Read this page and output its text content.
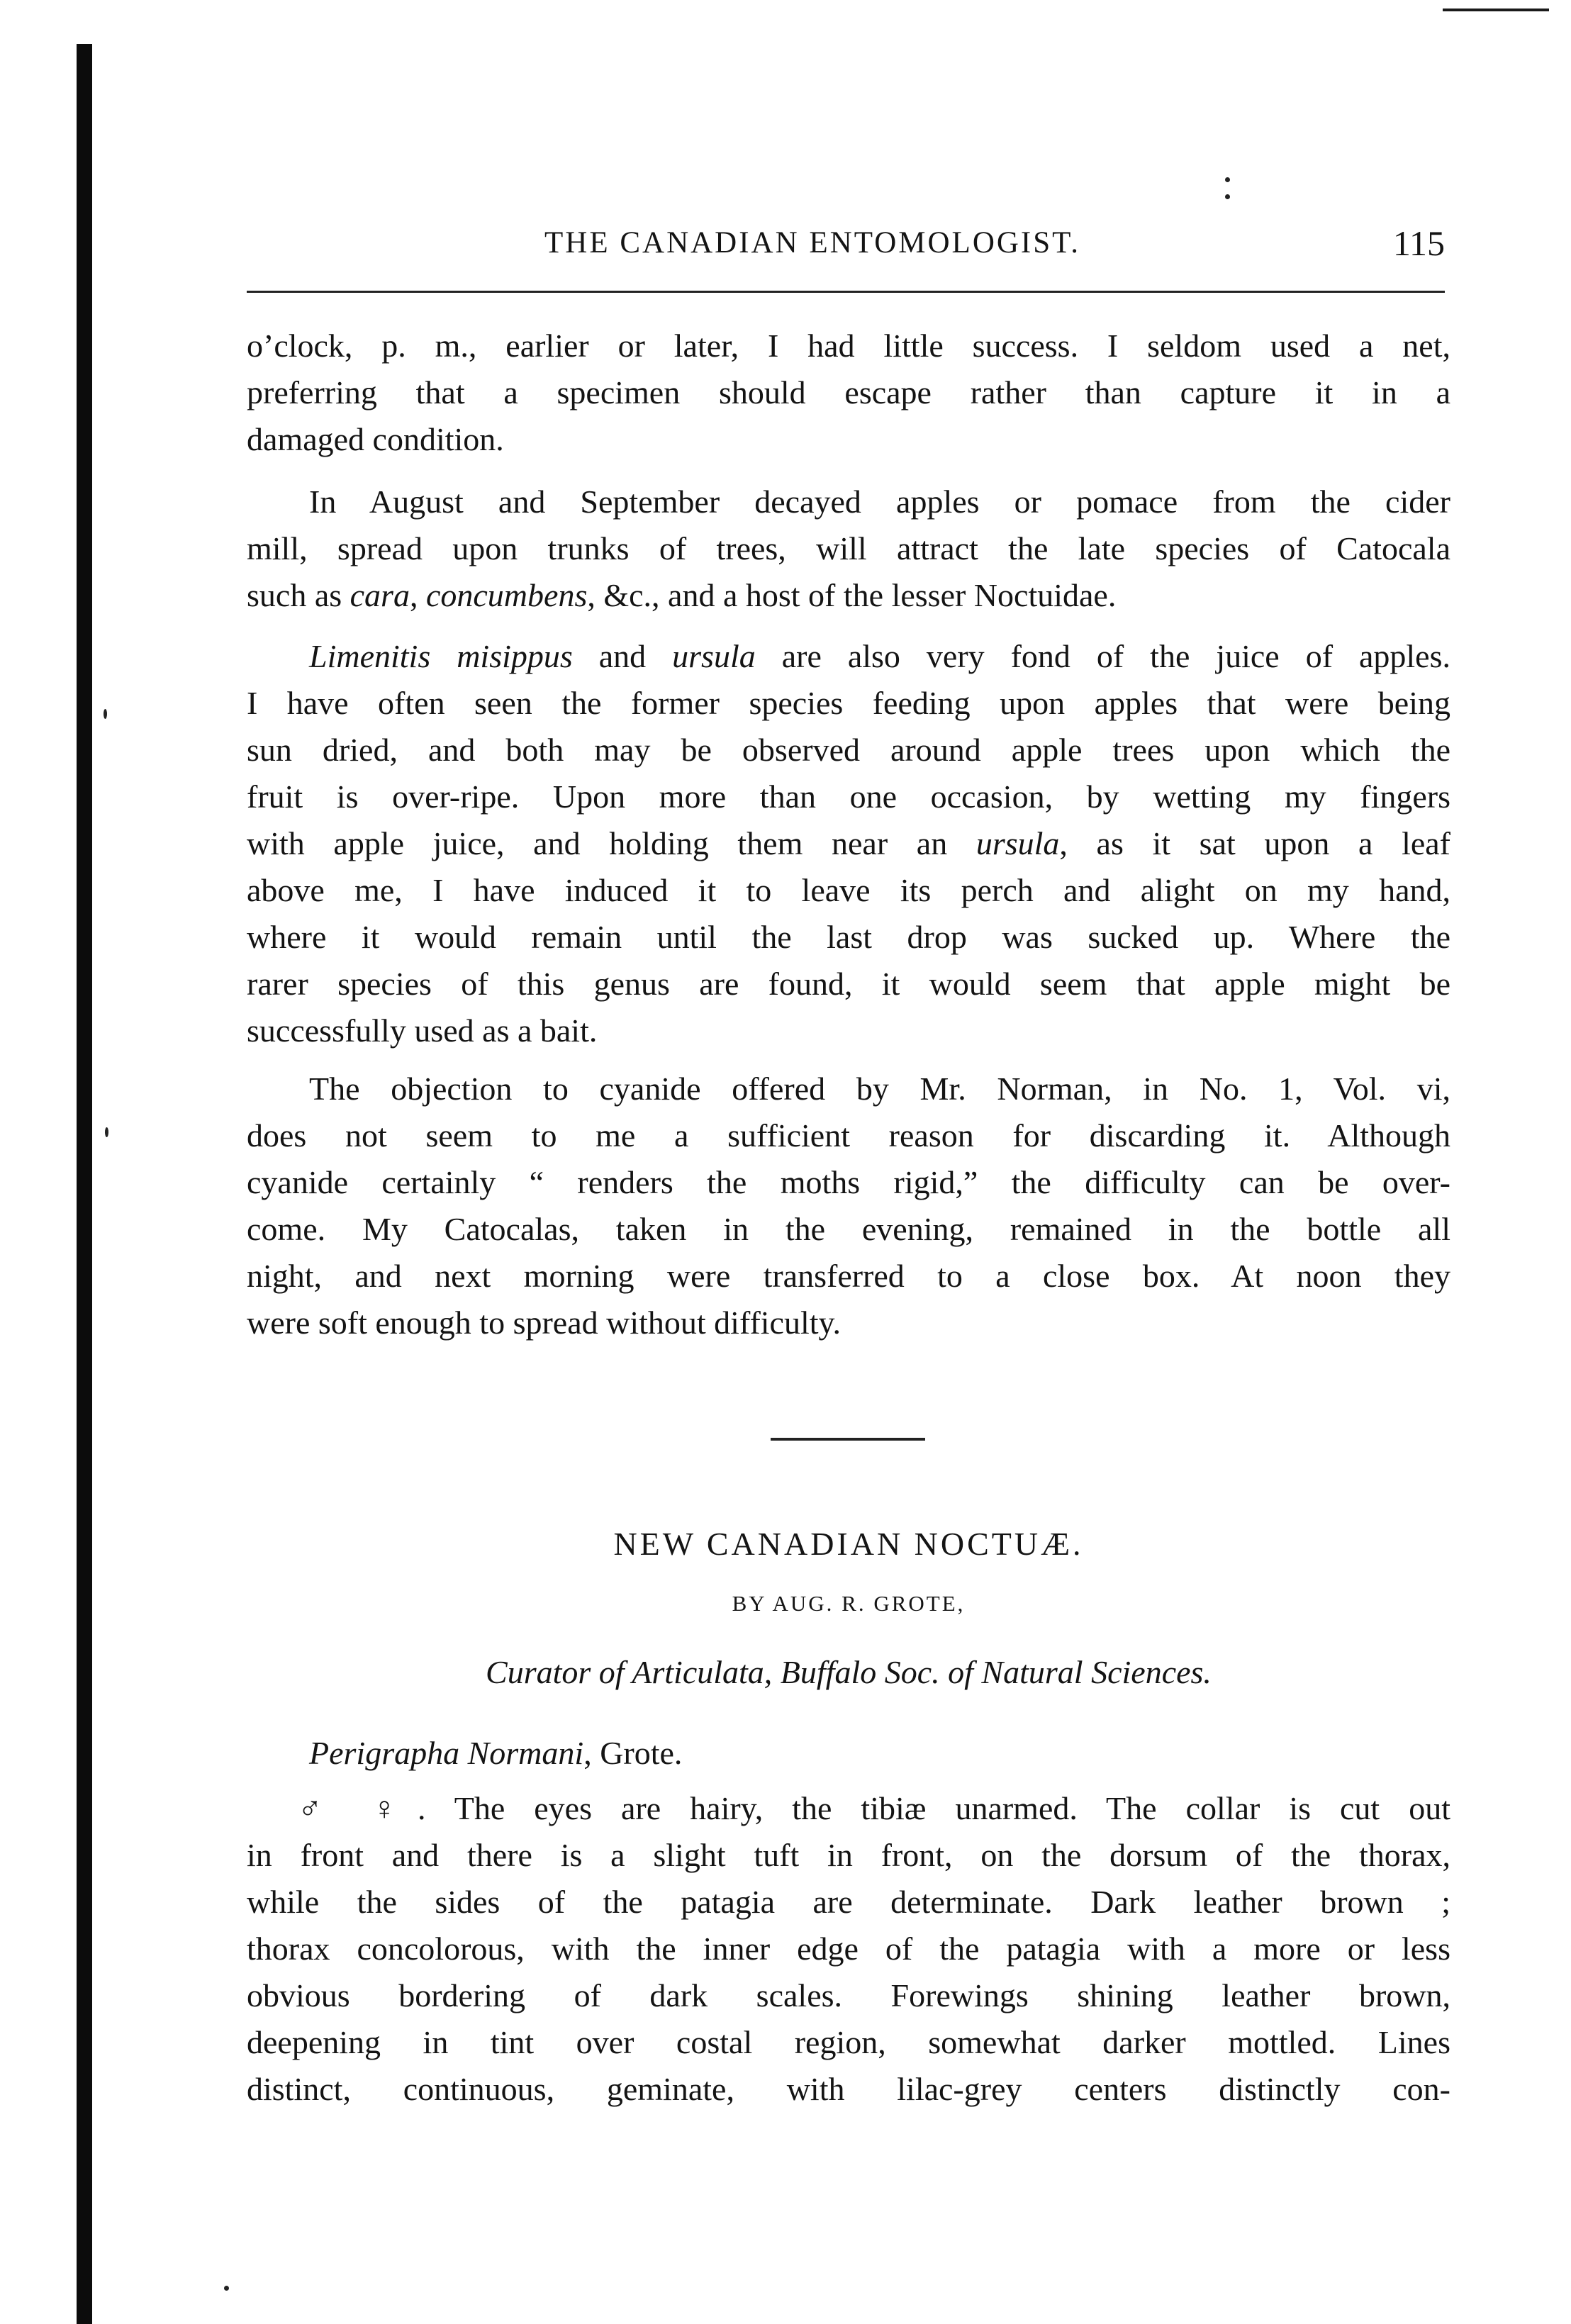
THE CANADIAN ENTOMOLOGIST.	115
o’clock, p. m., earlier or later, I had little success. I seldom used a net,
preferring that a specimen should escape rather than capture it in a
damaged condition.
In August and September decayed apples or pomace from the cider
mill, spread upon trunks of trees, will attract the late species of Catocala
such as cara, concumbens, &c., and a host of the lesser Noctuidae.
Limenitis misippus and ursula are also very fond of the juice of apples.
I have often seen the former species feeding upon apples that were being
sun dried, and both may be observed around apple trees upon which the
fruit is over-ripe. Upon more than one occasion, by wetting my fingers
with apple juice, and holding them near an ursula, as it sat upon a leaf
above me, I have induced it to leave its perch and alight on my hand,
where it would remain until the last drop was sucked up. Where the
rarer species of this genus are found, it would seem that apple might be
successfully used as a bait.
The objection to cyanide offered by Mr. Norman, in No. 1, Vol. vi,
does not seem to me a sufficient reason for discarding it. Although
cyanide certainly “ renders the moths rigid,” the difficulty can be over-
come. My Catocalas, taken in the evening, remained in the bottle all
night, and next morning were transferred to a close box. At noon they
were soft enough to spread without difficulty.
NEW CANADIAN NOCTUÆ.
BY AUG. R. GROTE,
Curator of Articulata, Buffalo Soc. of Natural Sciences.
Perigrapha Normani, Grote.
♂ ♀. The eyes are hairy, the tibiæ unarmed. The collar is cut out
in front and there is a slight tuft in front, on the dorsum of the thorax,
while the sides of the patagia are determinate. Dark leather brown ;
thorax concolorous, with the inner edge of the patagia with a more or less
obvious bordering of dark scales. Forewings shining leather brown,
deepening in tint over costal region, somewhat darker mottled. Lines
distinct, continuous, geminate, with lilac-grey centers distinctly con-
